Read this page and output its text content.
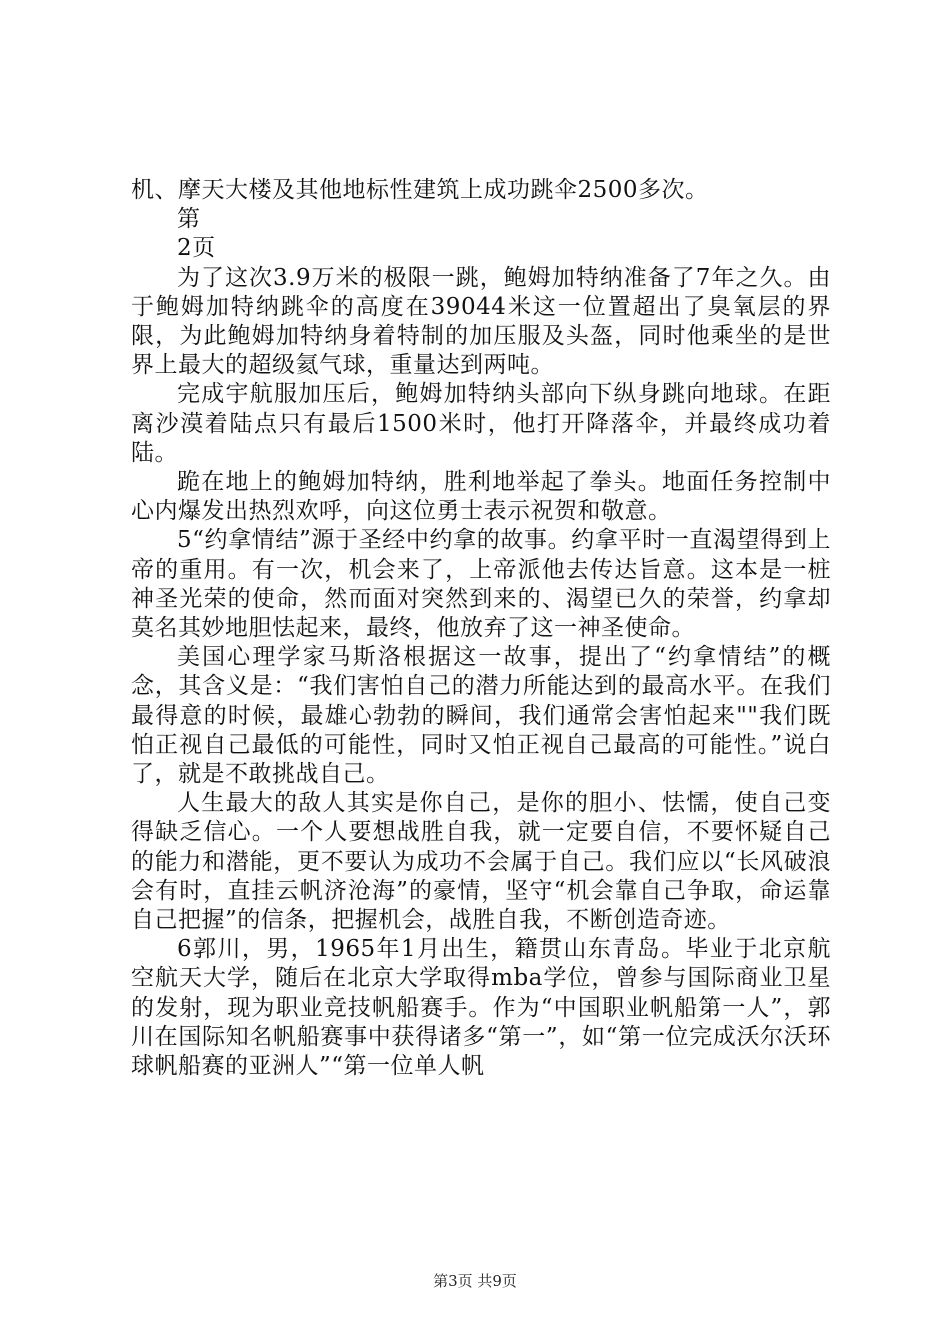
机、摩天大楼及其他地标性建筑上成功跳伞2500多次。

第

2页

为了这次3.9万米的极限一跳，鲍姆加特纳准备了7年之久。由于鲍姆加特纳跳伞的高度在39044米这一位置超出了臭氧层的界限，为此鲍姆加特纳身着特制的加压服及头盔，同时他乘坐的是世界上最大的超级氦气球，重量达到两吨。

完成宇航服加压后，鲍姆加特纳头部向下纵身跳向地球。在距离沙漠着陆点只有最后1500米时，他打开降落伞，并最终成功着陆。

跪在地上的鲍姆加特纳，胜利地举起了拳头。地面任务控制中心内爆发出热烈欢呼，向这位勇士表示祝贺和敬意。

5“约拿情结”源于圣经中约拿的故事。约拿平时一直渴望得到上帝的重用。有一次，机会来了，上帝派他去传达旨意。这本是一桩神圣光荣的使命，然而面对突然到来的、渴望已久的荣誉，约拿却莫名其妙地胆怯起来，最终，他放弃了这一神圣使命。

美国心理学家马斯洛根据这一故事，提出了“约拿情结”的概念，其含义是：“我们害怕自己的潜力所能达到的最高水平。在我们最得意的时候，最雄心勃勃的瞬间，我们通常会害怕起来""我们既怕正视自己最低的可能性，同时又怕正视自己最高的可能性。”说白了，就是不敢挑战自己。

人生最大的敌人其实是你自己，是你的胆小、怯懦，使自己变得缺乏信心。一个人要想战胜自我，就一定要自信，不要怀疑自己的能力和潜能，更不要认为成功不会属于自己。我们应以“长风破浪会有时，直挂云帆济沧海”的豪情，坚守“机会靠自己争取，命运靠自己把握”的信条，把握机会，战胜自我，不断创造奇迹。

6郭川，男，1965年1月出生，籍贯山东青岛。毕业于北京航空航天大学，随后在北京大学取得mba学位，曾参与国际商业卫星的发射，现为职业竞技帆船赛手。作为“中国职业帆船第一人”，郭川在国际知名帆船赛事中获得诸多“第一”，如“第一位完成沃尔沃环球帆船赛的亚洲人”“第一位单人帆

第3页 共9页
